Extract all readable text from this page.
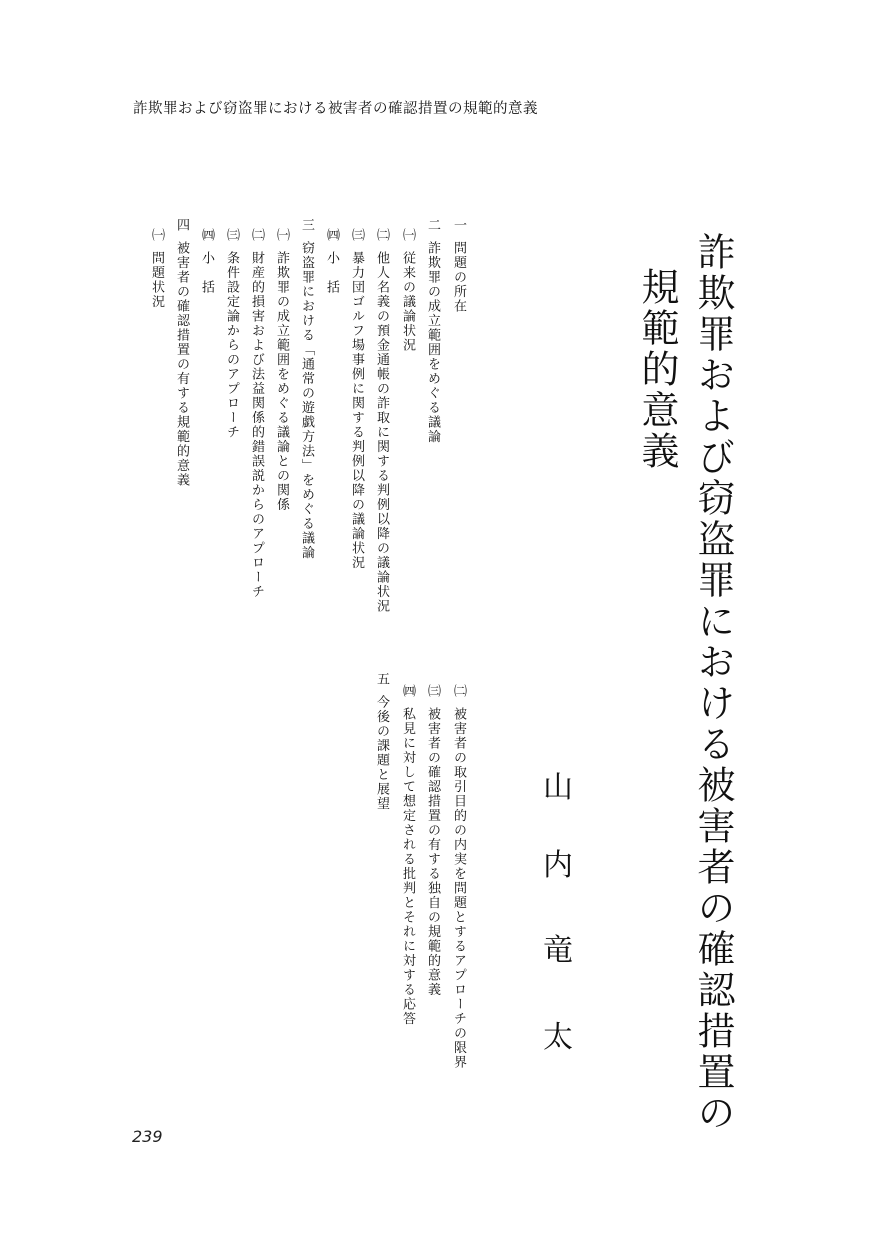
詐欺罪および窃盗罪における被害者の確認措置の規範的意義
詐欺罪および窃盗罪における被害者の確認措置の
規範的意義
山
内
竜
太
一
問題の所在
二
詐欺罪の成立範囲をめぐる議論
㈠
従来の議論状況
㈡
他人名義の預金通帳の詐取に関する判例以降の議論状況
㈢
暴力団ゴルフ場事例に関する判例以降の議論状況
㈣
小　括
三
窃盗罪における「通常の遊戯方法」をめぐる議論
㈠
詐欺罪の成立範囲をめぐる議論との関係
㈡
財産的損害および法益関係的錯誤説からのアプローチ
㈢
条件設定論からのアプローチ
㈣
小　括
四
被害者の確認措置の有する規範的意義
㈠
問題状況
㈡
被害者の取引目的の内実を問題とするアプローチの限界
㈢
被害者の確認措置の有する独自の規範的意義
㈣
私見に対して想定される批判とそれに対する応答
五
今後の課題と展望
239
